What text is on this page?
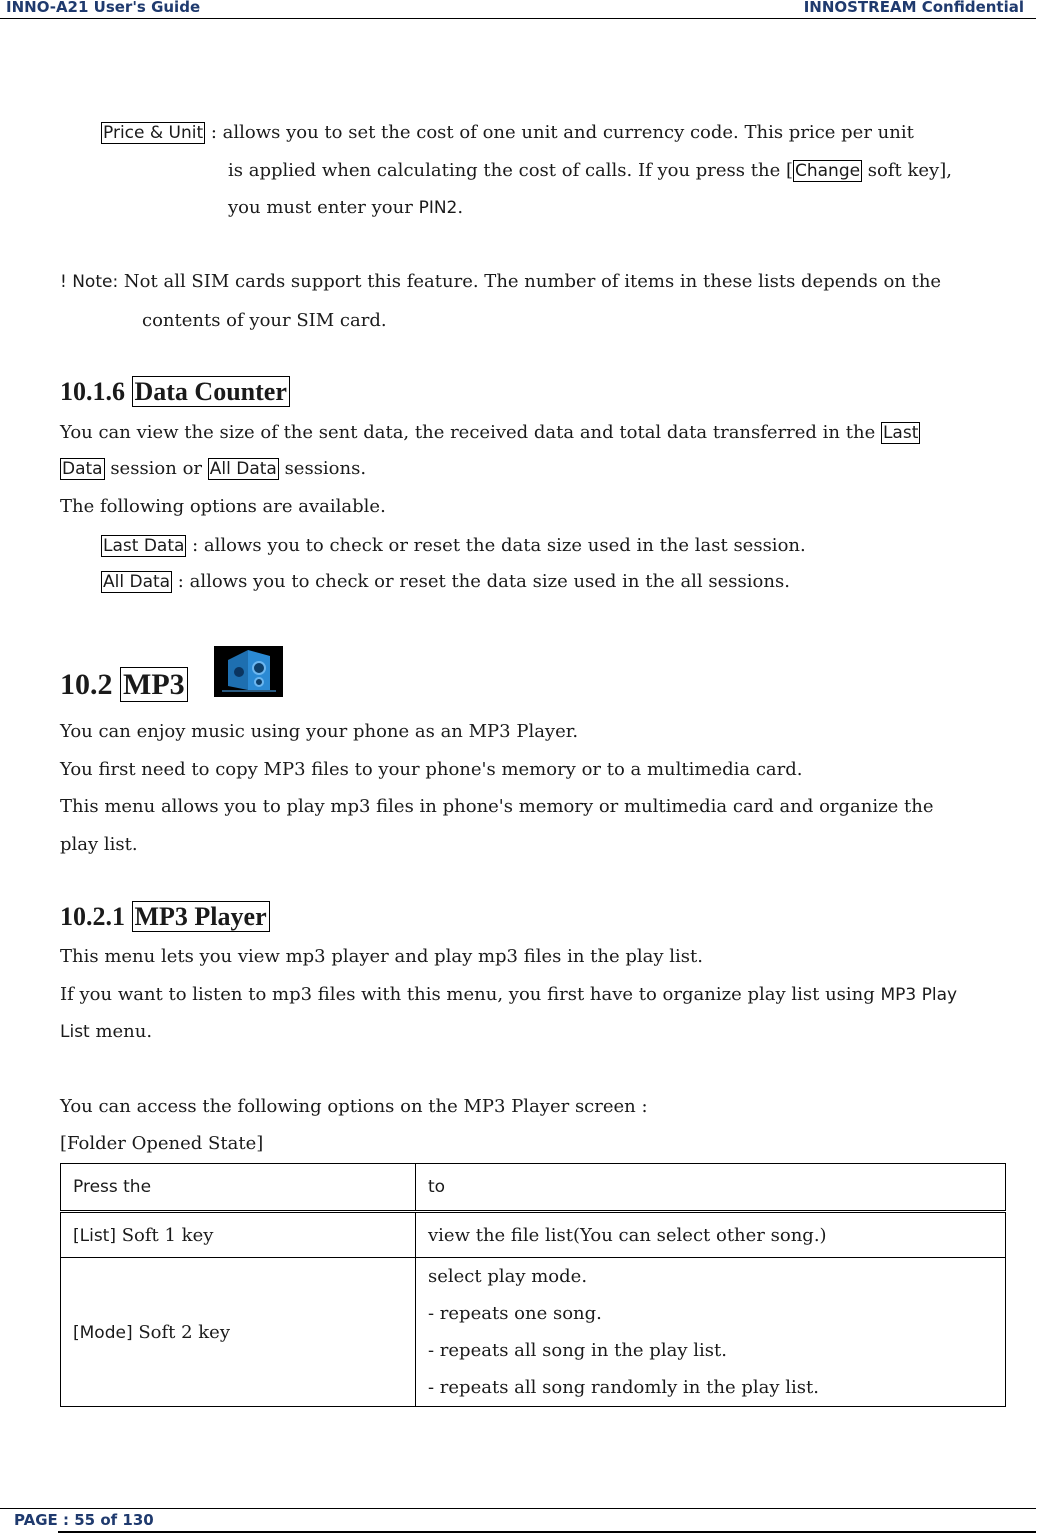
INNO-A21 User's Guide	INNOSTREAM Confidential
Price & Unit : allows you to set the cost of one unit and currency code. This price per unit
is applied when calculating the cost of calls. If you press the [ Change soft key],
you must enter your PIN2.
! Note: Not all SIM cards support this feature. The number of items in these lists depends on the
contents of your SIM card.
10.1.6 Data Counter
You can view the size of the sent data, the received data and total data transferred in the Last
Data session or All Data sessions.
The following options are available.
Last Data : allows you to check or reset the data size used in the last session.
All Data : allows you to check or reset the data size used in the all sessions.
10.2 MP3
You can enjoy music using your phone as an MP3 Player.
You first need to copy MP3 files to your phone's memory or to a multimedia card.
This menu allows you to play mp3 files in phone's memory or multimedia card and organize the
play list.
10.2.1 MP3 Player
This menu lets you view mp3 player and play mp3 files in the play list.
If you want to listen to mp3 files with this menu, you first have to organize play list using MP3 Play
List menu.
You can access the following options on the MP3 Player screen :
[Folder Opened State]
Press the	to
[List] Soft 1 key	view the file list(You can select other song.)
[Mode] Soft 2 key	select play mode.
- repeats one song.
- repeats all song in the play list.
- repeats all song randomly in the play list.
PAGE : 55 of 130
